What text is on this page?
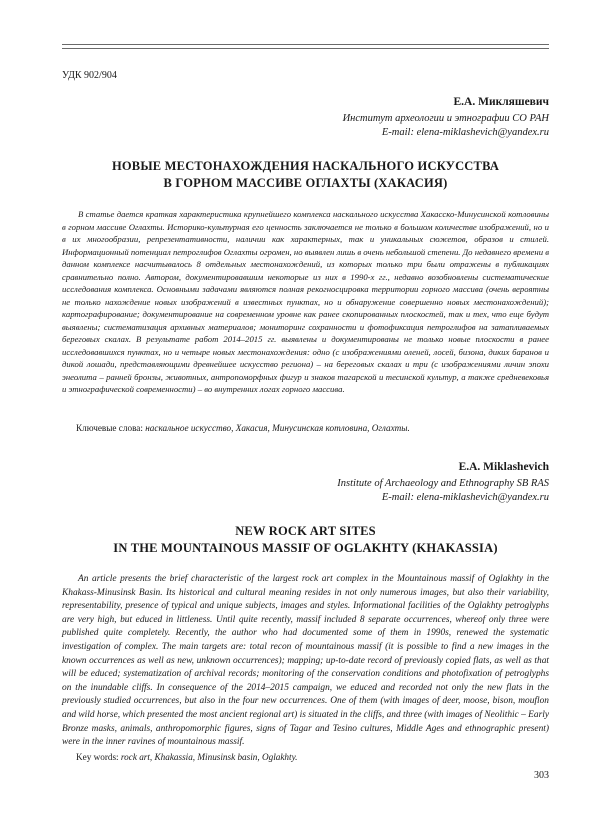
УДК 902/904
Е.А. Микляшевич
Институт археологии и этнографии СО РАН
E-mail: elena-miklashevich@yandex.ru
НОВЫЕ МЕСТОНАХОЖДЕНИЯ НАСКАЛЬНОГО ИСКУССТВА
В ГОРНОМ МАССИВЕ ОГЛАХТЫ (ХАКАСИЯ)

В статье дается краткая характеристика крупнейшего комплекса наскального искусства Хакасско-Минусинской котловины в горном массиве Оглахты. Историко-культурная его ценность заключается не только в большом количестве изображений, но и в их многообразии, репрезентативности, наличии как характерных, так и уникальных сюжетов, образов и стилей. Информационный потенциал петроглифов Оглахты огромен, но выявлен лишь в очень небольшой степени. До недавнего времени в данном комплексе насчитывалось 8 отдельных местонахождений, из которых только три были отражены в публикациях сравнительно полно. Автором, документировавшим некоторые из них в 1990-х гг., недавно возобновлены систематические исследования комплекса. Основными задачами являются полная рекогносцировка территории горного массива (очень вероятны не только нахождение новых изображений в известных пунктах, но и обнаружение совершенно новых местонахождений); картографирование; документирование на современном уровне как ранее скопированных плоскостей, так и тех, что еще будут выявлены; систематизация архивных материалов; мониторинг сохранности и фотофиксация петроглифов на затапливаемых береговых скалах. В результате работ 2014–2015 гг. выявлены и документированы не только новые плоскости в ранее исследовавшихся пунктах, но и четыре новых местонахождения: одно (с изображениями оленей, лосей, бизона, диких баранов и дикой лошади, представляющими древнейшее искусство региона) – на береговых скалах и три (с изображениями личин эпохи энеолита – ранней бронзы, животных, антропоморфных фигур и знаков тагарской и тесинской культур, а также средневековья и этнографической современности) – во внутренних логах горного массива.

Ключевые слова: наскальное искусство, Хакасия, Минусинская котловина, Оглахты.
E.A. Miklashevich
Institute of Archaeology and Ethnography SB RAS
E-mail: elena-miklashevich@yandex.ru
NEW ROCK ART SITES
IN THE MOUNTAINOUS MASSIF OF OGLAKHTY (KHAKASSIA)

An article presents the brief characteristic of the largest rock art complex in the Mountainous massif of Oglakhty in the Khakass-Minusinsk Basin. Its historical and cultural meaning resides in not only numerous images, but also their variability, representability, presence of typical and unique subjects, images and styles. Informational facilities of the Oglakhty petroglyphs are very high, but educed in littleness. Until quite recently, massif included 8 separate occurrences, whereof only three were published quite completely. Recently, the author who had documented some of them in 1990s, renewed the systematic investigation of complex. The main targets are: total recon of mountainous massif (it is possible to find a new images in the known occurrences as well as new, unknown occurrences); mapping; up-to-date record of previously copied flats, as well as that will be educed; systematization of archival records; monitoring of the conservation conditions and photofixation of petroglyphs on the inundable cliffs. In consequence of the 2014–2015 campaign, we educed and recorded not only the new flats in the previously studied occurrences, but also in the four new occurrences. One of them (with images of deer, moose, bison, mouflon and wild horse, which presented the most ancient regional art) is situated in the cliffs, and three (with images of Neolithic – Early Bronze masks, animals, anthropomorphic figures, signs of Tagar and Tesino cultures, Middle Ages and ethnographic present) were in the inner ravines of mountainous massif.

Key words: rock art, Khakassia, Minusinsk basin, Oglakhty.
303
